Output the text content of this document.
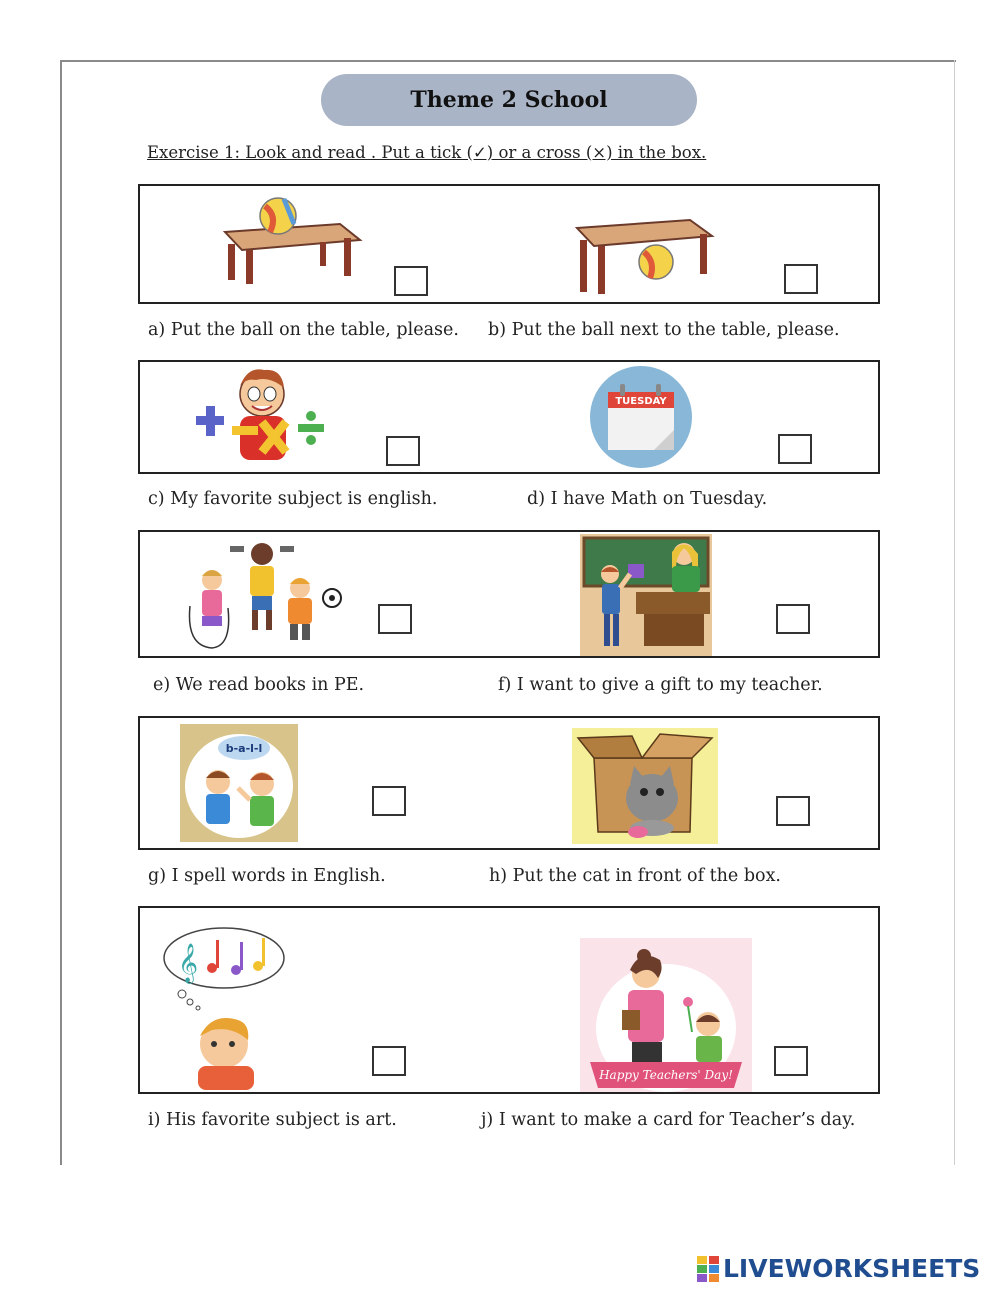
Theme 2 School
Exercise 1: Look and read . Put a tick (✓) or a cross (×) in the box.
a) Put the ball on the table, please. b) Put the ball next to the table, please.
TUESDAY
c) My favorite subject is english.	d) I have Math on Tuesday.
e) We read books in PE.	f) I want to give a gift to my teacher.
b-a-l-l
g) I spell words in English.	h) Put the cat in front of the box.
𝄞
Happy Teachers' Day!
i) His favorite subject is art.	j) I want to make a card for Teacher’s day.
LIVEWORKSHEETS
